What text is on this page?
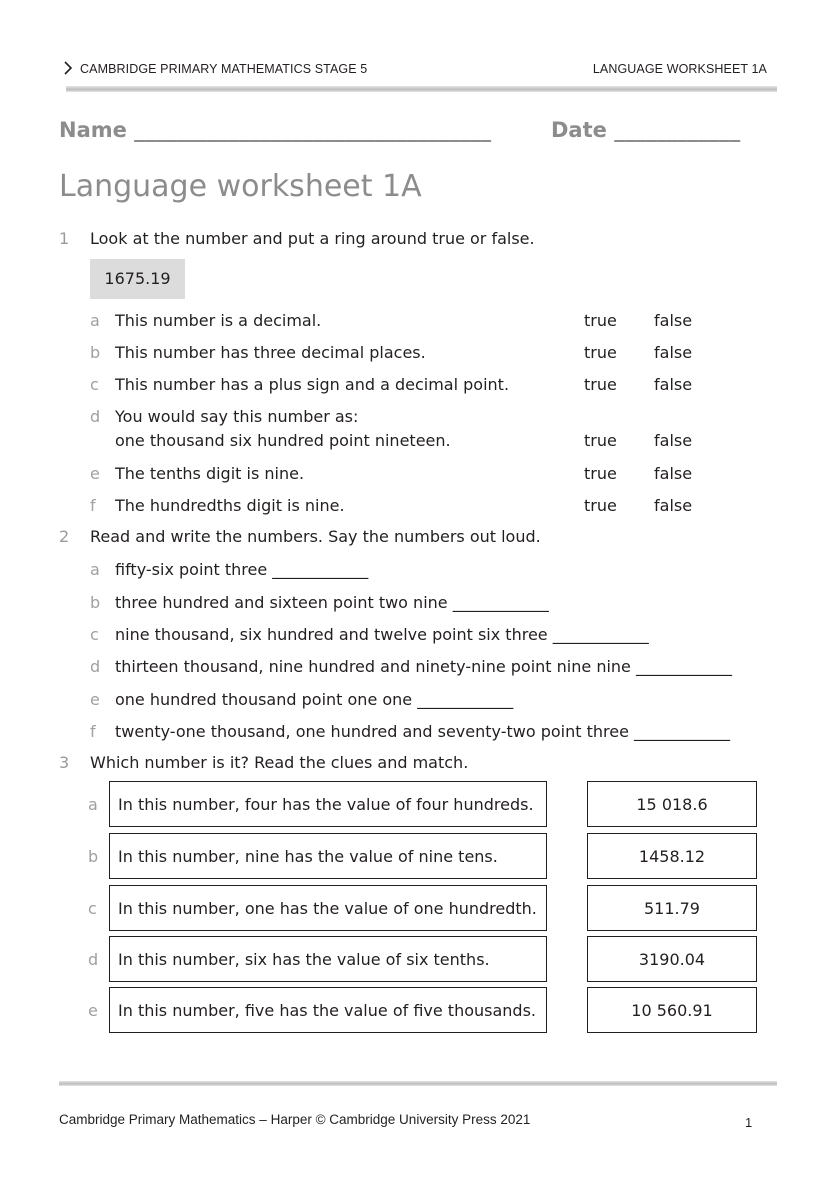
CAMBRIDGE PRIMARY MATHEMATICS STAGE 5	LANGUAGE WORKSHEET 1A
Name __________________________________	Date ____________
Language worksheet 1A
1 Look at the number and put a ring around true or false.
1675.19
a This number is a decimal.	true false
b This number has three decimal places.	true false
c This number has a plus sign and a decimal point.	true false
d You would say this number as:
one thousand six hundred point nineteen.	true false
e The tenths digit is nine.	true false
f The hundredths digit is nine.	true false
2 Read and write the numbers. Say the numbers out loud.
a fifty-six point three ____________
b three hundred and sixteen point two nine ____________
c nine thousand, six hundred and twelve point six three ____________
d thirteen thousand, nine hundred and ninety-nine point nine nine ____________
e one hundred thousand point one one ____________
f twenty-one thousand, one hundred and seventy-two point three ____________
3 Which number is it? Read the clues and match.
a	In this number, four has the value of four hundreds.	15 018.6
b	In this number, nine has the value of nine tens.	1458.12
c	In this number, one has the value of one hundredth.	511.79
d	In this number, six has the value of six tenths.	3190.04
e	In this number, five has the value of five thousands.	10 560.91
Cambridge Primary Mathematics – Harper © Cambridge University Press 2021	1
